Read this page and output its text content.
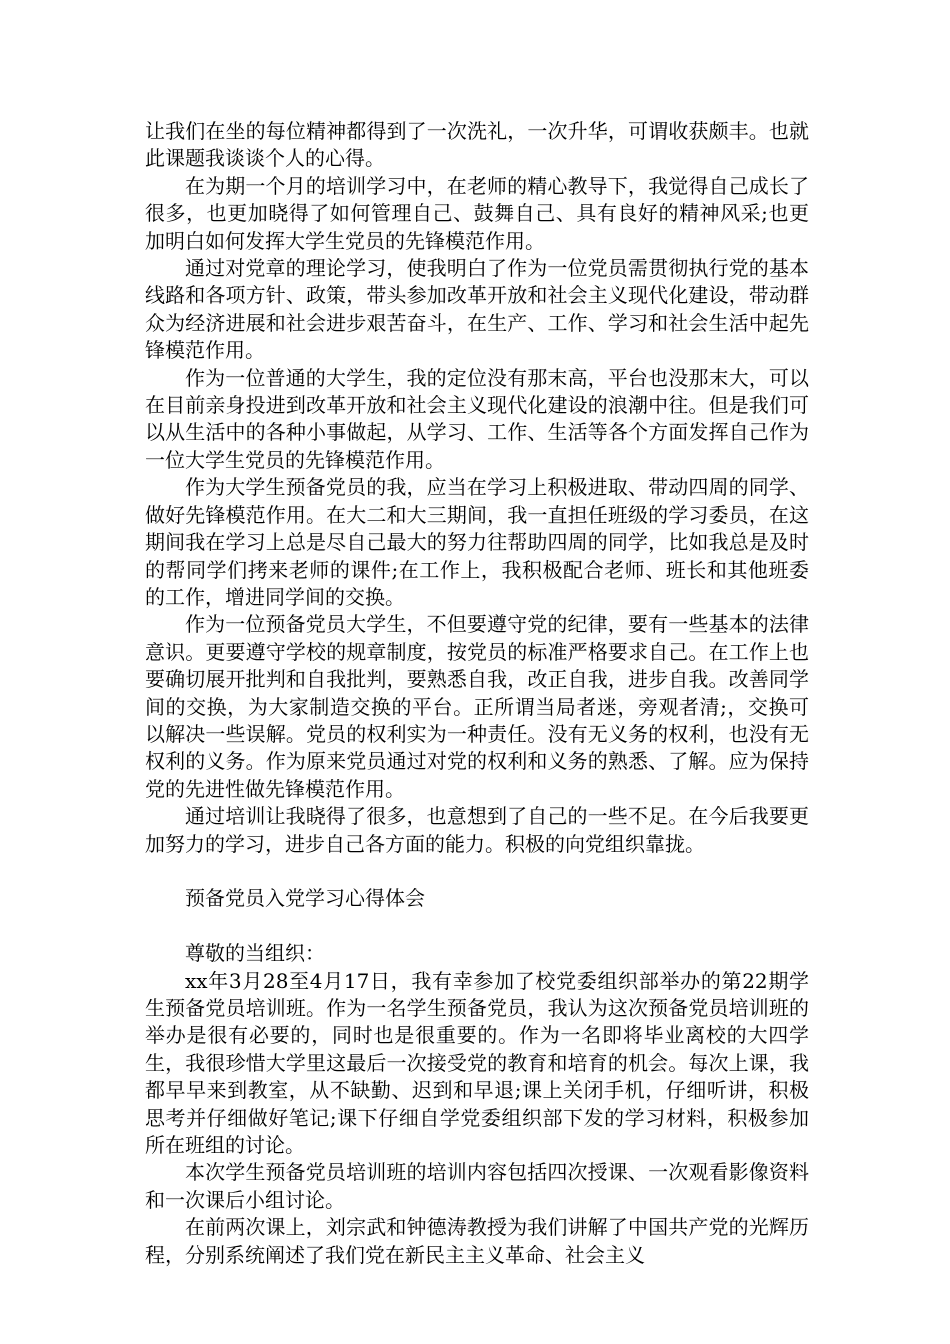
让我们在坐的每位精神都得到了一次洗礼，一次升华，可谓收获颇丰。也就此课题我谈谈个人的心得。

在为期一个月的培训学习中，在老师的精心教导下，我觉得自己成长了很多，也更加晓得了如何管理自己、鼓舞自己、具有良好的精神风采;也更加明白如何发挥大学生党员的先锋模范作用。

通过对党章的理论学习，使我明白了作为一位党员需贯彻执行党的基本线路和各项方针、政策，带头参加改革开放和社会主义现代化建设，带动群众为经济进展和社会进步艰苦奋斗，在生产、工作、学习和社会生活中起先锋模范作用。

作为一位普通的大学生，我的定位没有那末高，平台也没那末大，可以在目前亲身投进到改革开放和社会主义现代化建设的浪潮中往。但是我们可以从生活中的各种小事做起，从学习、工作、生活等各个方面发挥自己作为一位大学生党员的先锋模范作用。

作为大学生预备党员的我，应当在学习上积极进取、带动四周的同学、做好先锋模范作用。在大二和大三期间，我一直担任班级的学习委员，在这期间我在学习上总是尽自己最大的努力往帮助四周的同学，比如我总是及时的帮同学们拷来老师的课件;在工作上，我积极配合老师、班长和其他班委的工作，增进同学间的交换。

作为一位预备党员大学生，不但要遵守党的纪律，要有一些基本的法律意识。更要遵守学校的规章制度，按党员的标准严格要求自己。在工作上也要确切展开批判和自我批判，要熟悉自我，改正自我，进步自我。改善同学间的交换，为大家制造交换的平台。正所谓当局者迷，旁观者清;，交换可以解决一些误解。党员的权利实为一种责任。没有无义务的权利，也没有无权利的义务。作为原来党员通过对党的权利和义务的熟悉、了解。应为保持党的先进性做先锋模范作用。

通过培训让我晓得了很多，也意想到了自己的一些不足。在今后我要更加努力的学习，进步自己各方面的能力。积极的向党组织靠拢。

预备党员入党学习心得体会

尊敬的当组织：

xx年3月28至4月17日，我有幸参加了校党委组织部举办的第22期学生预备党员培训班。作为一名学生预备党员，我认为这次预备党员培训班的举办是很有必要的，同时也是很重要的。作为一名即将毕业离校的大四学生，我很珍惜大学里这最后一次接受党的教育和培育的机会。每次上课，我都早早来到教室，从不缺勤、迟到和早退;课上关闭手机，仔细听讲，积极思考并仔细做好笔记;课下仔细自学党委组织部下发的学习材料，积极参加所在班组的讨论。

本次学生预备党员培训班的培训内容包括四次授课、一次观看影像资料和一次课后小组讨论。

在前两次课上，刘宗武和钟德涛教授为我们讲解了中国共产党的光辉历程，分别系统阐述了我们党在新民主主义革命、社会主义
